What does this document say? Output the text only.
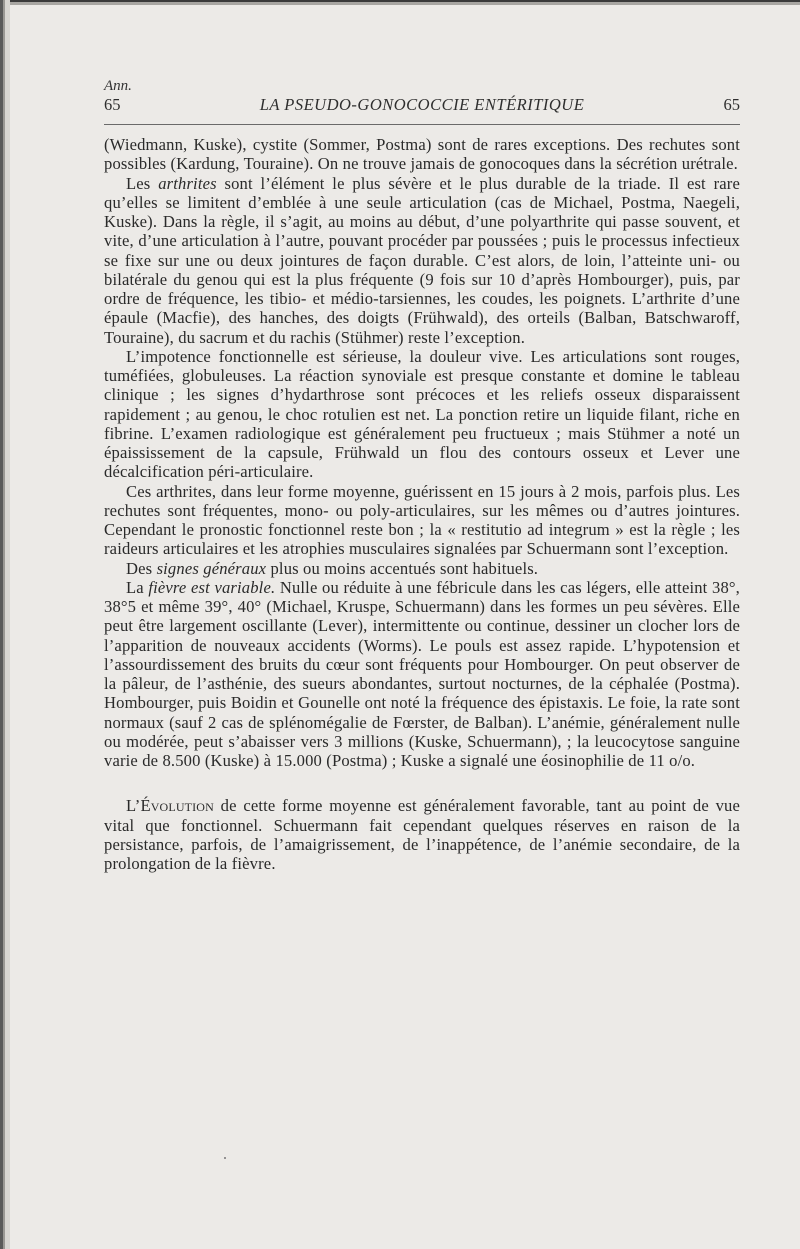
Ann.
65	LA PSEUDO-GONOCOCCIE ENTÉRITIQUE	65

(Wiedmann, Kuske), cystite (Sommer, Postma) sont de rares exceptions. Des rechutes sont possibles (Kardung, Touraine). On ne trouve jamais de gonocoques dans la sécrétion urétrale.

Les arthrites sont l’élément le plus sévère et le plus durable de la triade. Il est rare qu’elles se limitent d’emblée à une seule articulation (cas de Michael, Postma, Naegeli, Kuske). Dans la règle, il s’agit, au moins au début, d’une polyarthrite qui passe souvent, et vite, d’une articulation à l’autre, pouvant procéder par poussées ; puis le processus infectieux se fixe sur une ou deux jointures de façon durable. C’est alors, de loin, l’atteinte uni- ou bilatérale du genou qui est la plus fréquente (9 fois sur 10 d’après Hombourger), puis, par ordre de fréquence, les tibio- et médio-tarsiennes, les coudes, les poignets. L’arthrite d’une épaule (Macfie), des hanches, des doigts (Frühwald), des orteils (Balban, Batschwaroff, Touraine), du sacrum et du rachis (Stühmer) reste l’exception.

L’impotence fonctionnelle est sérieuse, la douleur vive. Les articulations sont rouges, tuméfiées, globuleuses. La réaction synoviale est presque constante et domine le tableau clinique ; les signes d’hydarthrose sont précoces et les reliefs osseux disparaissent rapidement ; au genou, le choc rotulien est net. La ponction retire un liquide filant, riche en fibrine. L’examen radiologique est généralement peu fructueux ; mais Stühmer a noté un épaississement de la capsule, Frühwald un flou des contours osseux et Lever une décalcification péri-articulaire.

Ces arthrites, dans leur forme moyenne, guérissent en 15 jours à 2 mois, parfois plus. Les rechutes sont fréquentes, mono- ou poly-articulaires, sur les mêmes ou d’autres jointures. Cependant le pronostic fonctionnel reste bon ; la « restitutio ad integrum » est la règle ; les raideurs articulaires et les atrophies musculaires signalées par Schuermann sont l’exception.

Des signes généraux plus ou moins accentués sont habituels.

La fièvre est variable. Nulle ou réduite à une fébricule dans les cas légers, elle atteint 38°, 38°5 et même 39°, 40° (Michael, Kruspe, Schuermann) dans les formes un peu sévères. Elle peut être largement oscillante (Lever), intermittente ou continue, dessiner un clocher lors de l’apparition de nouveaux accidents (Worms). Le pouls est assez rapide. L’hypotension et l’assourdissement des bruits du cœur sont fréquents pour Hombourger. On peut observer de la pâleur, de l’asthénie, des sueurs abondantes, surtout nocturnes, de la céphalée (Postma). Hombourger, puis Boidin et Gounelle ont noté la fréquence des épistaxis. Le foie, la rate sont normaux (sauf 2 cas de splénomégalie de Fœrster, de Balban). L’anémie, généralement nulle ou modérée, peut s’abaisser vers 3 millions (Kuske, Schuermann), ; la leucocytose sanguine varie de 8.500 (Kuske) à 15.000 (Postma) ; Kuske a signalé une éosinophilie de 11 o/o.

L’Évolution de cette forme moyenne est généralement favorable, tant au point de vue vital que fonctionnel. Schuermann fait cependant quelques réserves en raison de la persistance, parfois, de l’amaigrissement, de l’inappétence, de l’anémie secondaire, de la prolongation de la fièvre.
